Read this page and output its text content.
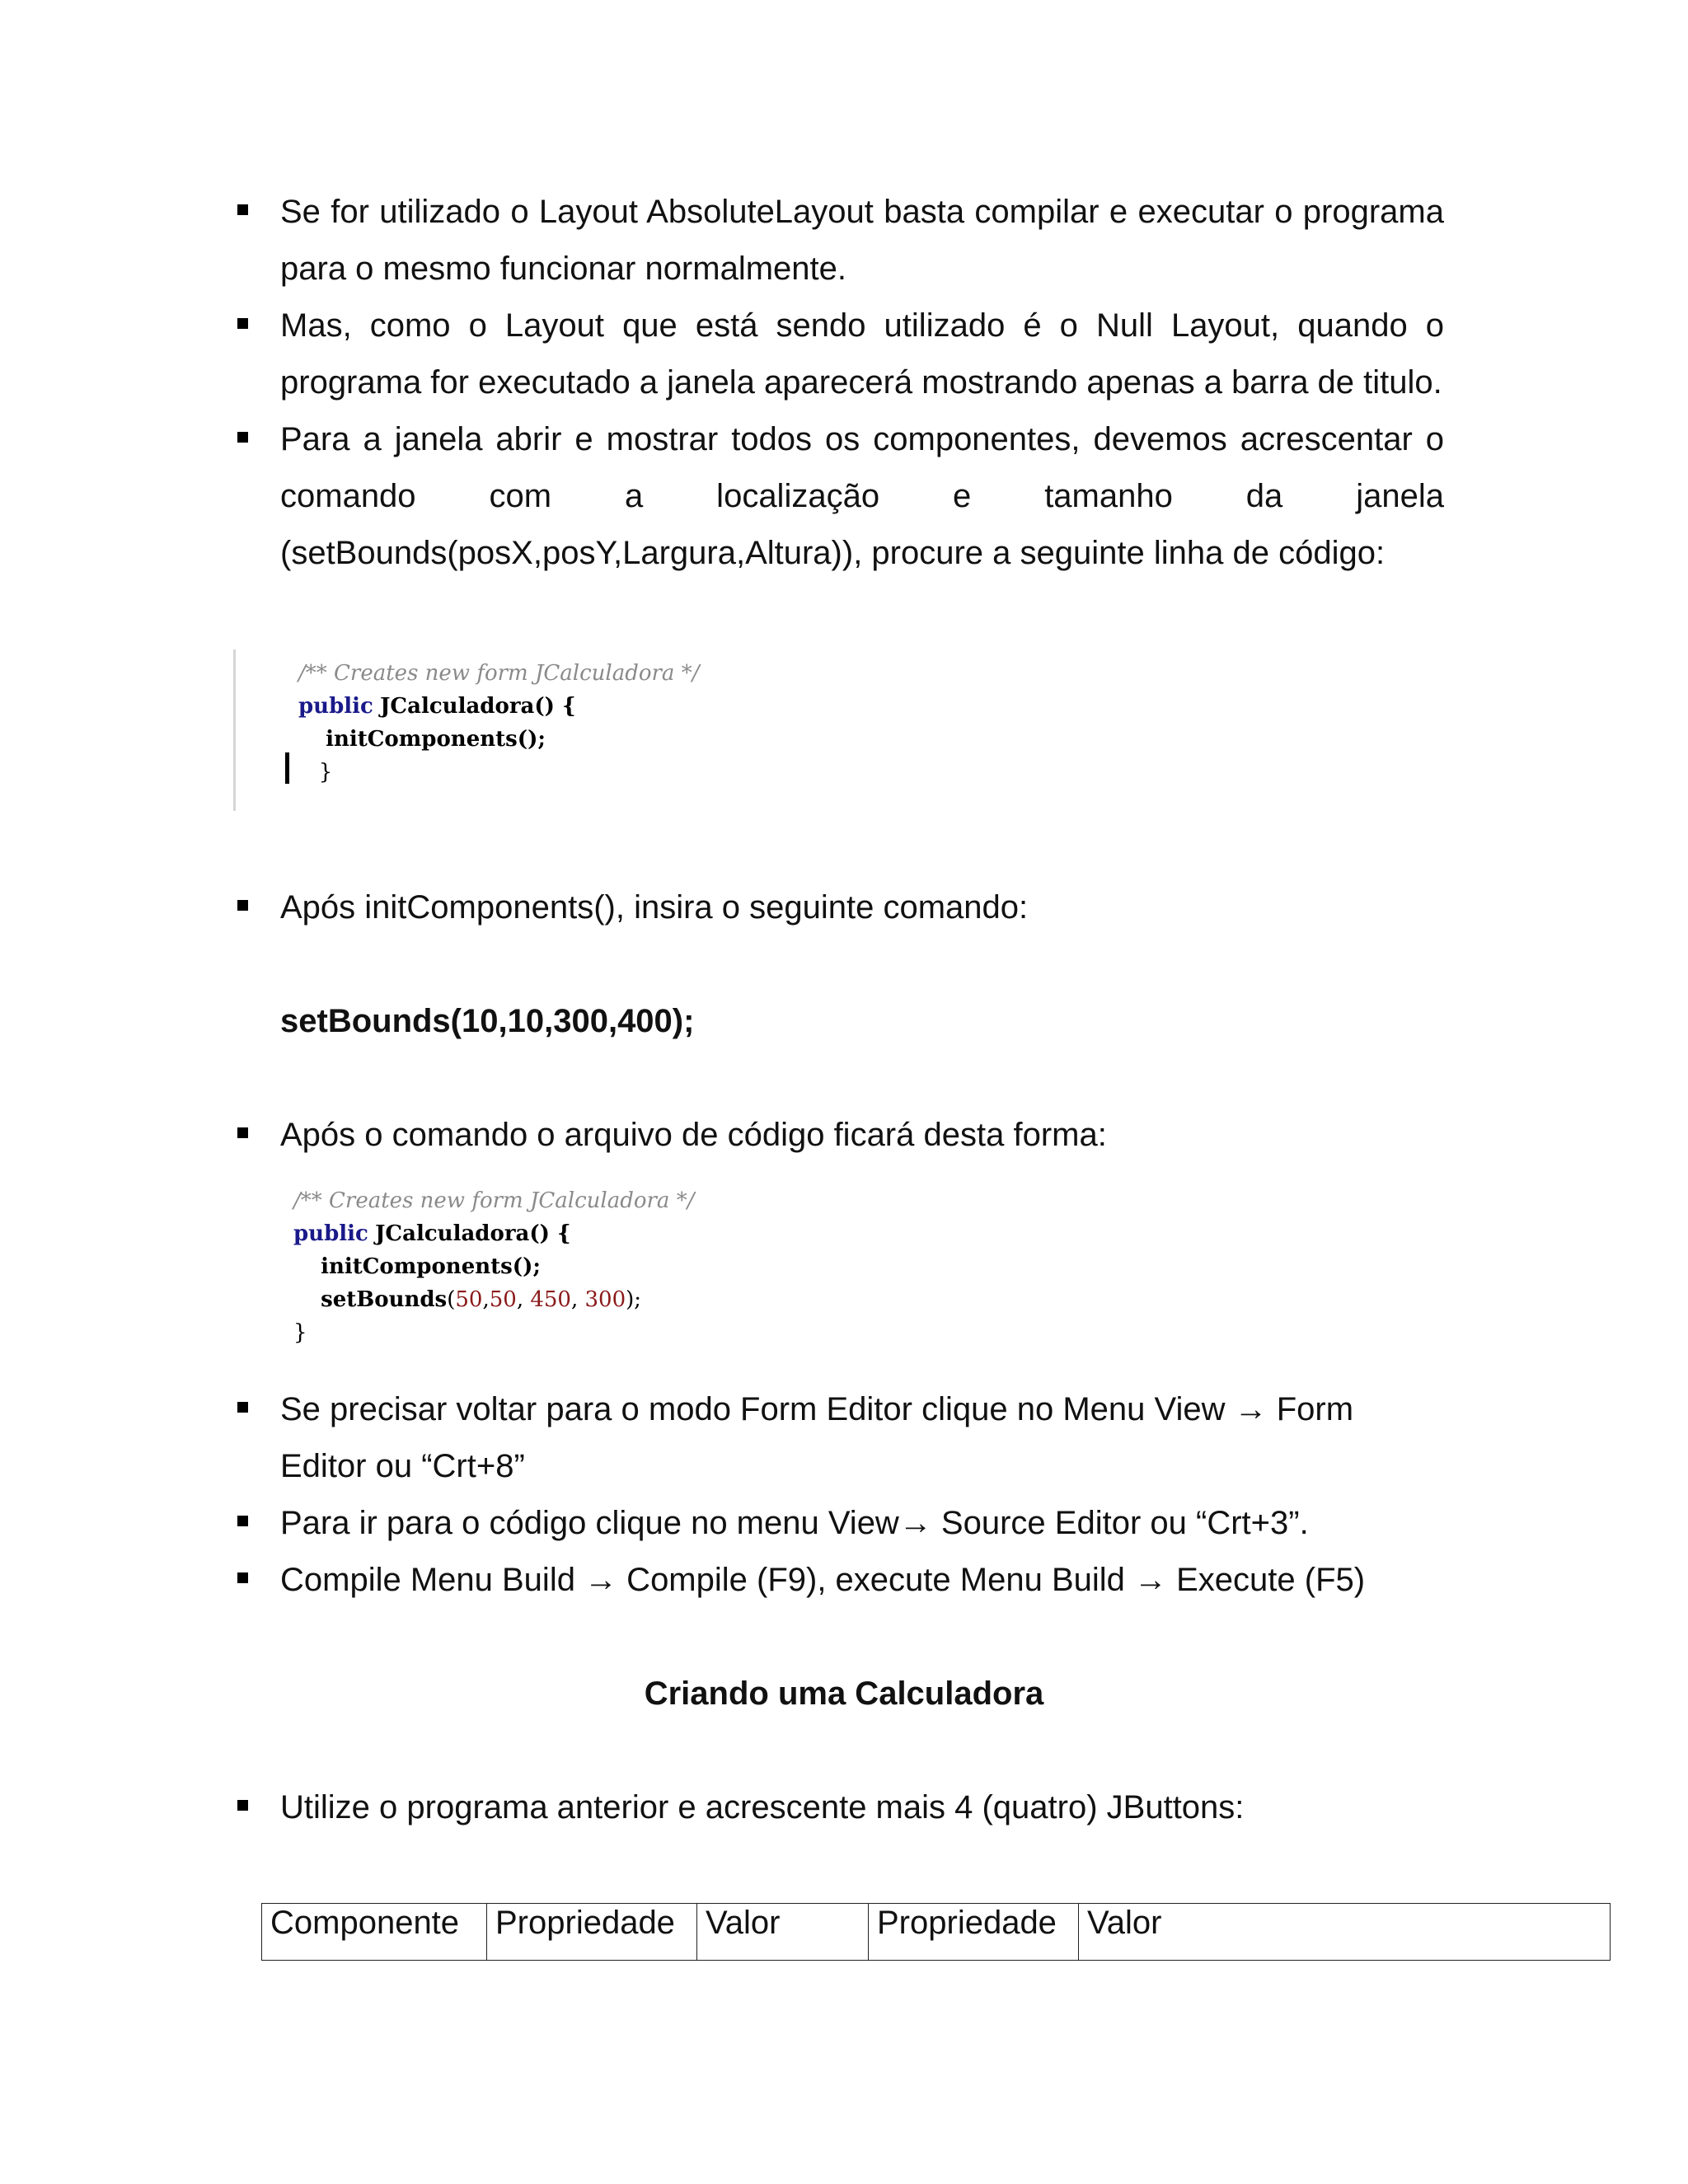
Se for utilizado o Layout AbsoluteLayout basta compilar e executar o programa para o mesmo funcionar normalmente.
Mas, como o Layout que está sendo utilizado é o Null Layout, quando o programa for executado a janela aparecerá mostrando apenas a barra de titulo.
Para a janela abrir e mostrar todos os componentes, devemos acrescentar o
comando com a localização e tamanho da janela
(setBounds(posX,posY,Largura,Altura)), procure a seguinte linha de código:
/** Creates new form JCalculadora */
public JCalculadora() {
initComponents();
}
Após initComponents(), insira o seguinte comando:
setBounds(10,10,300,400);
Após o comando o arquivo de código ficará desta forma:
/** Creates new form JCalculadora */
public JCalculadora() {
initComponents();
setBounds(50,50, 450, 300);
}
Se precisar voltar para o modo Form Editor clique no Menu View → Form
Editor ou “Crt+8”
Para ir para o código clique no menu View→ Source Editor ou “Crt+3”.
Compile Menu Build → Compile (F9), execute Menu Build → Execute (F5)
Criando uma Calculadora
Utilize o programa anterior e acrescente mais 4 (quatro) JButtons:
Componente	Propriedade	Valor	Propriedade	Valor
